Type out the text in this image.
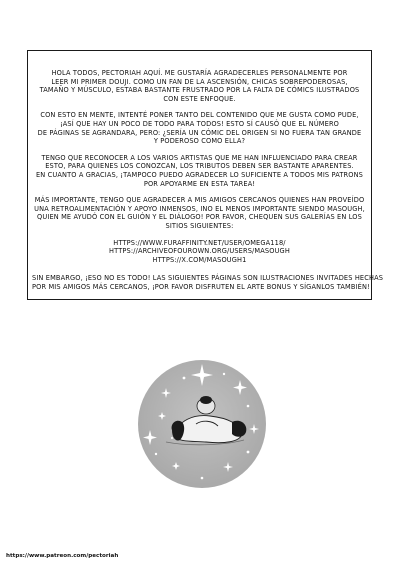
HOLA TODOS, PECTORIAH AQUÍ. ME GUSTARÍA AGRADECERLES PERSONALMENTE POR
LEER MI PRIMER DOUJI. COMO UN FAN DE LA ASCENSIÓN, CHICAS SOBREPODEROSAS,
TAMAÑO Y MÚSCULO, ESTABA BASTANTE FRUSTRADO POR LA FALTA DE CÓMICS ILUSTRADOS
CON ESTE ENFOQUE.

CON ESTO EN MENTE, INTENTÉ PONER TANTO DEL CONTENIDO QUE ME GUSTA COMO PUDE,
¡ASÍ QUE HAY UN POCO DE TODO PARA TODOS! ESTO SÍ CAUSÓ QUE EL NÚMERO
DE PÁGINAS SE AGRANDARA, PERO: ¿SERÍA UN CÓMIC DEL ORIGEN SI NO FUERA TAN GRANDE
Y PODEROSO COMO ELLA?

TENGO QUE RECONOCER A LOS VARIOS ARTISTAS QUE ME HAN INFLUENCIADO PARA CREAR
ESTO, PARA QUIENES LOS CONOZCAN, LOS TRIBUTOS DEBEN SER BASTANTE APARENTES.
EN CUANTO A GRACIAS, ¡TAMPOCO PUEDO AGRADECER LO SUFICIENTE A TODOS MIS PATRONS
POR APOYARME EN ESTA TAREA!

MÁS IMPORTANTE, TENGO QUE AGRADECER A MIS AMIGOS CERCANOS QUIENES HAN PROVEÍDO
UNA RETROALIMENTACIÓN Y APOYO INMENSOS, INO EL MENOS IMPORTANTE SIENDO MASOUGH,
QUIEN ME AYUDÓ CON EL GUIÓN Y EL DIÁLOGO! POR FAVOR, CHEQUEN SUS GALERÍAS EN LOS
SITIOS SIGUIENTES:

HTTPS://WWW.FURAFFINITY.NET/USER/OMEGA118/
HTTPS://ARCHIVEOFOUROWN.ORG/USERS/MASOUGH
HTTPS://X.COM/MASOUGH1

SIN EMBARGO, ¡ESO NO ES TODO! LAS SIGUIENTES PÁGINAS SON ILUSTRACIONES INVITADES HECHAS
POR MIS AMIGOS MÁS CERCANOS, ¡POR FAVOR DISFRUTEN EL ARTE BONUS Y SÍGANLOS TAMBIÉN!

https://www.patreon.com/pectoriah
